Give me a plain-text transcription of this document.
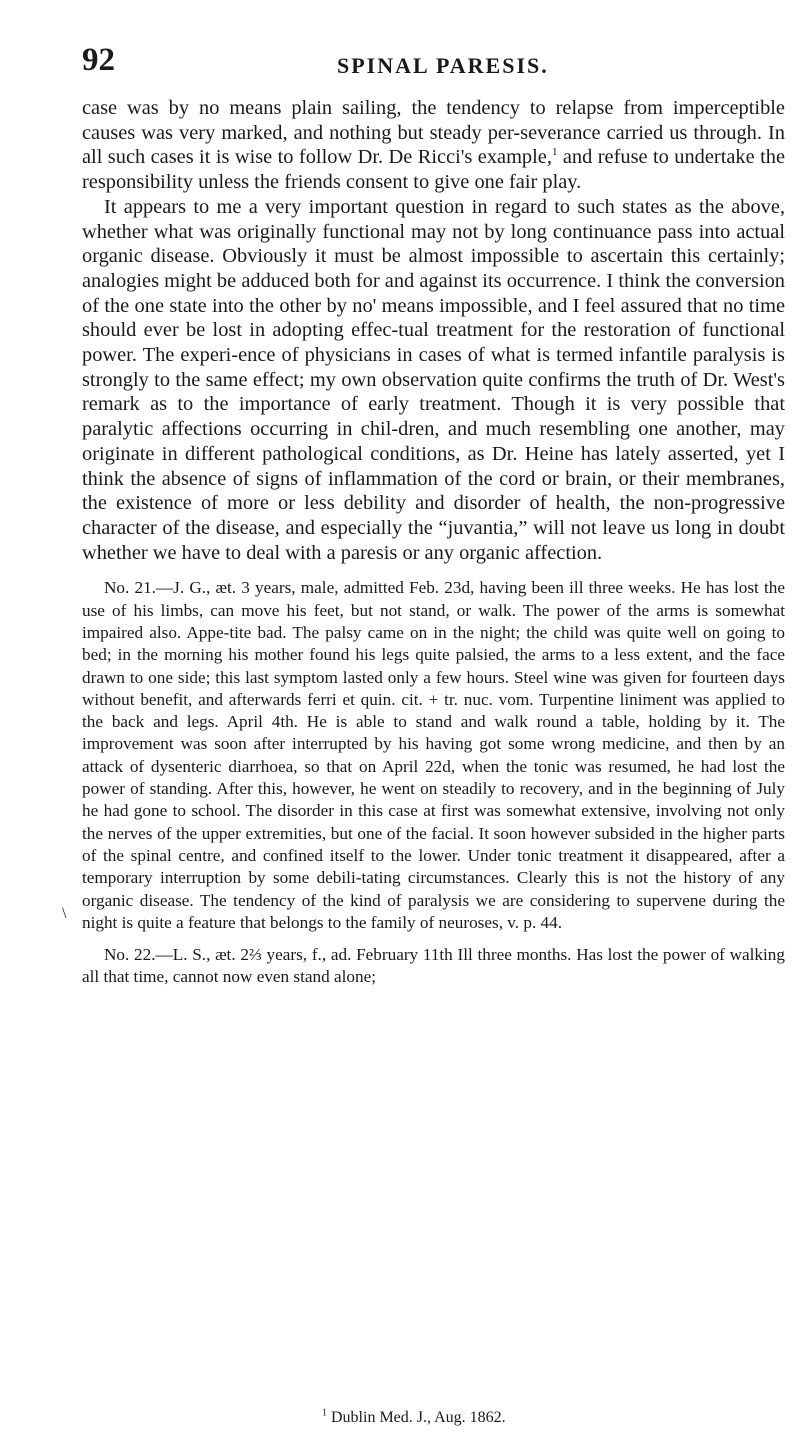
92	SPINAL PARESIS.

case was by no means plain sailing, the tendency to relapse from imperceptible causes was very marked, and nothing but steady per-severance carried us through. In all such cases it is wise to follow Dr. De Ricci's example,$^1$ and refuse to undertake the responsibility unless the friends consent to give one fair play.

It appears to me a very important question in regard to such states as the above, whether what was originally functional may not by long continuance pass into actual organic disease. Obviously it must be almost impossible to ascertain this certainly; analogies might be adduced both for and against its occurrence. I think the conversion of the one state into the other by no' means impossible, and I feel assured that no time should ever be lost in adopting effec-tual treatment for the restoration of functional power. The experi-ence of physicians in cases of what is termed infantile paralysis is strongly to the same effect; my own observation quite confirms the truth of Dr. West's remark as to the importance of early treatment. Though it is very possible that paralytic affections occurring in chil-dren, and much resembling one another, may originate in different pathological conditions, as Dr. Heine has lately asserted, yet I think the absence of signs of inflammation of the cord or brain, or their membranes, the existence of more or less debility and disorder of health, the non-progressive character of the disease, and especially the “juvantia,” will not leave us long in doubt whether we have to deal with a paresis or any organic affection.

No. 21.—J. G., æt. 3 years, male, admitted Feb. 23d, having been ill three weeks. He has lost the use of his limbs, can move his feet, but not stand, or walk. The power of the arms is somewhat impaired also. Appe-tite bad. The palsy came on in the night; the child was quite well on going to bed; in the morning his mother found his legs quite palsied, the arms to a less extent, and the face drawn to one side; this last symptom lasted only a few hours. Steel wine was given for fourteen days without benefit, and afterwards ferri et quin. cit. + tr. nuc. vom. Turpentine liniment was applied to the back and legs. April 4th. He is able to stand and walk round a table, holding by it. The improvement was soon after interrupted by his having got some wrong medicine, and then by an attack of dysenteric diarrhoea, so that on April 22d, when the tonic was resumed, he had lost the power of standing. After this, however, he went on steadily to recovery, and in the beginning of July he had gone to school. The disorder in this case at first was somewhat extensive, involving not only the nerves of the upper extremities, but one of the facial. It soon however subsided in the higher parts of the spinal centre, and confined itself to the lower. Under tonic treatment it disappeared, after a temporary interruption by some debili-tating circumstances. Clearly this is not the history of any organic disease. The tendency of the kind of paralysis we are considering to supervene during the night is quite a feature that belongs to the family of neuroses, v. p. 44.

No. 22.—L. S., æt. 2⅔ years, f., ad. February 11th Ill three months. Has lost the power of walking all that time, cannot now even stand alone;

\
$^1$ Dublin Med. J., Aug. 1862.
